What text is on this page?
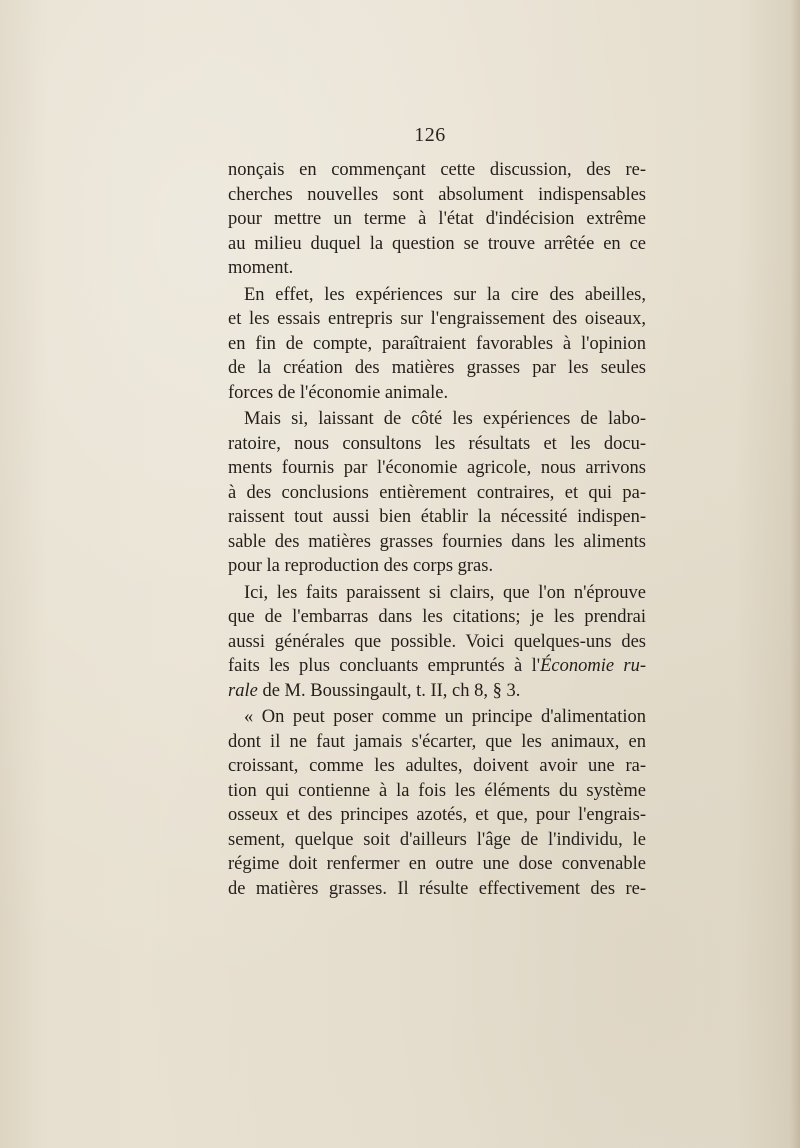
126
nonçais en commençant cette discussion, des re-
cherches nouvelles sont absolument indispensables
pour mettre un terme à l'état d'indécision extrême
au milieu duquel la question se trouve arrêtée en ce
moment.
En effet, les expériences sur la cire des abeilles,
et les essais entrepris sur l'engraissement des oiseaux,
en fin de compte, paraîtraient favorables à l'opinion
de la création des matières grasses par les seules
forces de l'économie animale.
Mais si, laissant de côté les expériences de labo-
ratoire, nous consultons les résultats et les docu-
ments fournis par l'économie agricole, nous arrivons
à des conclusions entièrement contraires, et qui pa-
raissent tout aussi bien établir la nécessité indispen-
sable des matières grasses fournies dans les aliments
pour la reproduction des corps gras.
Ici, les faits paraissent si clairs, que l'on n'éprouve
que de l'embarras dans les citations; je les prendrai
aussi générales que possible. Voici quelques-uns des
faits les plus concluants empruntés à l'Économie ru-
rale de M. Boussingault, t. II, ch 8, § 3.
« On peut poser comme un principe d'alimentation
dont il ne faut jamais s'écarter, que les animaux, en
croissant, comme les adultes, doivent avoir une ra-
tion qui contienne à la fois les éléments du système
osseux et des principes azotés, et que, pour l'engrais-
sement, quelque soit d'ailleurs l'âge de l'individu, le
régime doit renfermer en outre une dose convenable
de matières grasses. Il résulte effectivement des re-
